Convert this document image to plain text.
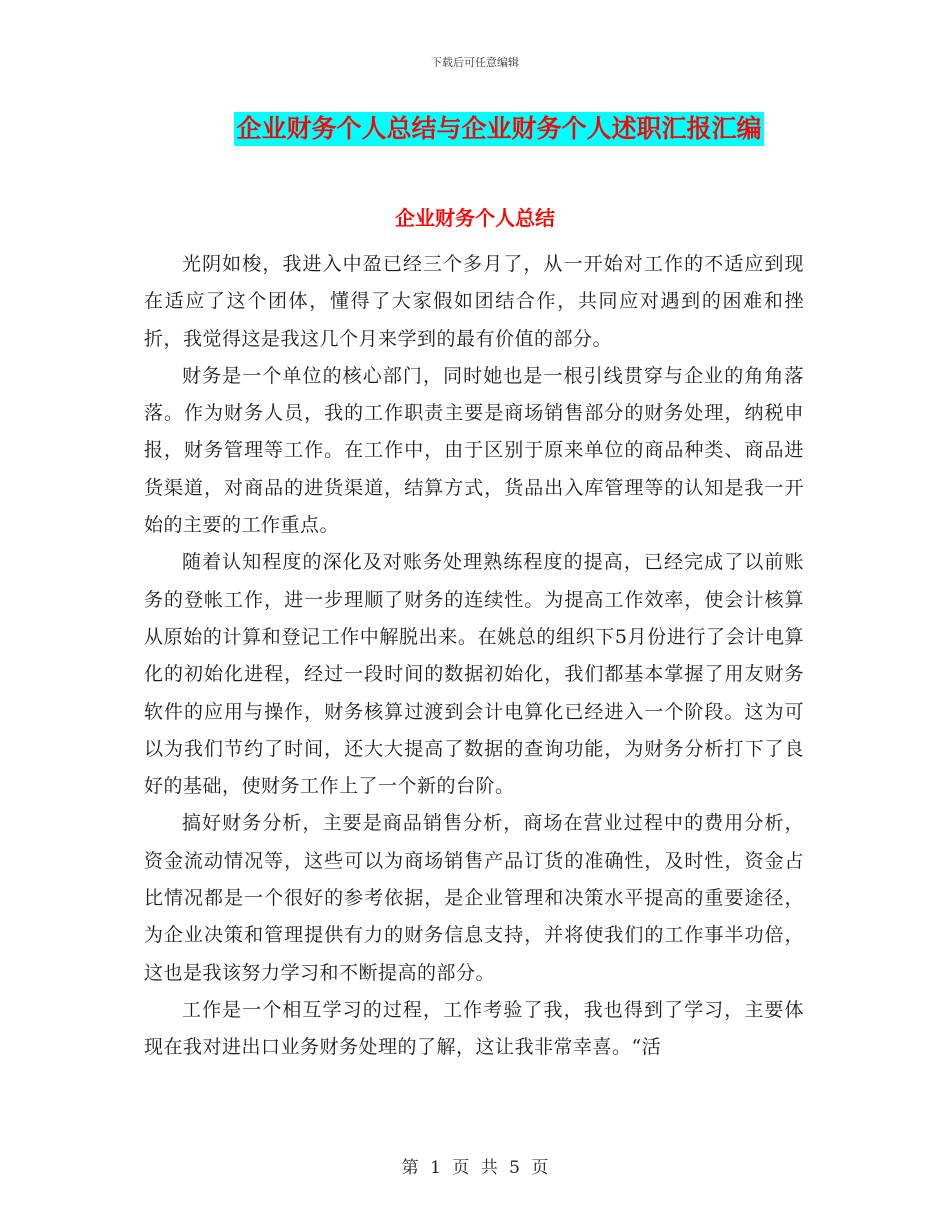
下载后可任意编辑
企业财务个人总结与企业财务个人述职汇报汇编
企业财务个人总结

光阴如梭，我进入中盈已经三个多月了，从一开始对工作的不适应到现在适应了这个团体，懂得了大家假如团结合作，共同应对遇到的困难和挫折，我觉得这是我这几个月来学到的最有价值的部分。

财务是一个单位的核心部门，同时她也是一根引线贯穿与企业的角角落落。作为财务人员，我的工作职责主要是商场销售部分的财务处理，纳税申报，财务管理等工作。在工作中，由于区别于原来单位的商品种类、商品进货渠道，对商品的进货渠道，结算方式，货品出入库管理等的认知是我一开始的主要的工作重点。

随着认知程度的深化及对账务处理熟练程度的提高，已经完成了以前账务的登帐工作，进一步理顺了财务的连续性。为提高工作效率，使会计核算从原始的计算和登记工作中解脱出来。在姚总的组织下5月份进行了会计电算化的初始化进程，经过一段时间的数据初始化，我们都基本掌握了用友财务软件的应用与操作，财务核算过渡到会计电算化已经进入一个阶段。这为可以为我们节约了时间，还大大提高了数据的查询功能，为财务分析打下了良好的基础，使财务工作上了一个新的台阶。

搞好财务分析，主要是商品销售分析，商场在营业过程中的费用分析，资金流动情况等，这些可以为商场销售产品订货的准确性，及时性，资金占比情况都是一个很好的参考依据，是企业管理和决策水平提高的重要途径，为企业决策和管理提供有力的财务信息支持，并将使我们的工作事半功倍，这也是我该努力学习和不断提高的部分。

工作是一个相互学习的过程，工作考验了我，我也得到了学习，主要体现在我对进出口业务财务处理的了解，这让我非常幸喜。“活

第 1 页 共 5 页
